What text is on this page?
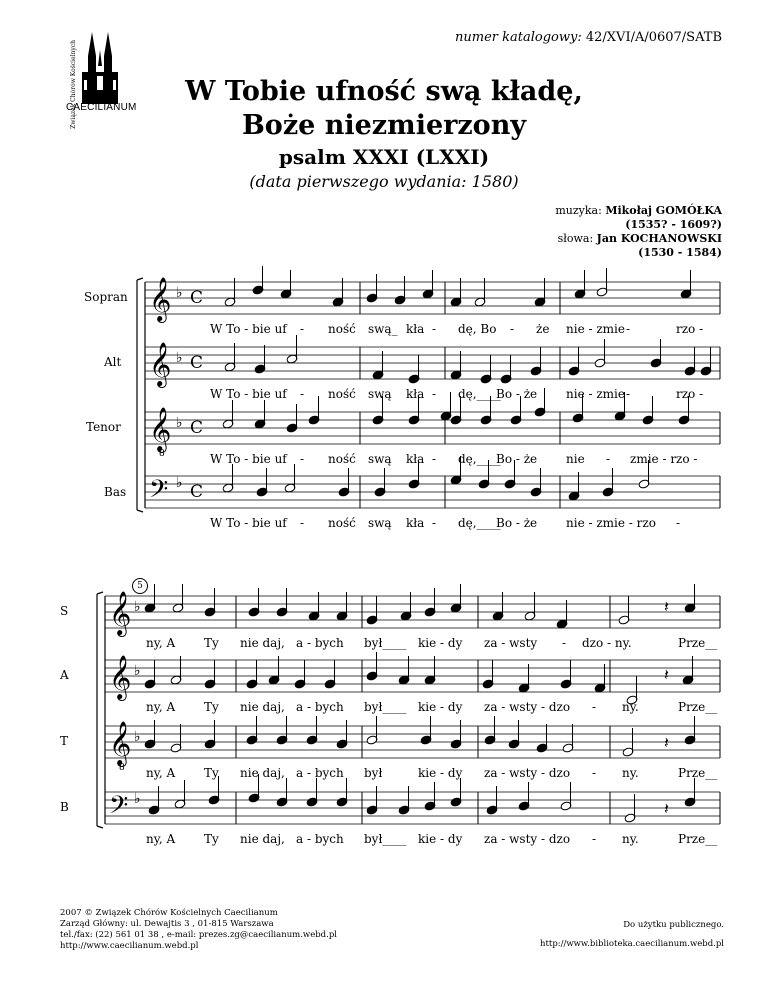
numer katalogowy: 42/XVI/A/0607/SATB
Związek Chórów Kościelnych
CAECILIANUM
W Tobie ufność swą kładę,
Boże niezmierzony
psalm XXXI (LXXI)
(data pierwszego wydania: 1580)
muzyka: Mikołaj GOMÓŁKA
(1535? - 1609?)
słowa: Jan KOCHANOWSKI
(1530 - 1584)
𝄞 ♭ C
𝄞 ♭ C
𝄞
8
♭ C
𝄢 ♭ C
𝄞 ♭
𝄞 ♭
𝄞
8
♭
𝄢 ♭
𝄽
𝄽
𝄽
𝄽
Sopran
Alt
Tenor
Bas
S
A
T
B
5
W To - bie uf - ność swą_ kła - dę, Bo - że nie - zmie -	rzo -
W To - bie uf - ność swą kła - dę,____
Bo - że nie - zmie -	rzo -
W To - bie uf - ność swą kła - dę,____
Bo - że nie - zmie - rzo -
W To - bie uf - ność swą kła - dę,____
Bo - że nie - zmie - rzo -
ny, A Ty nie daj, a - bych był____ kie - dy za - wsty - dzo - ny.	Prze__
ny, A Ty nie daj, a - bych był____ kie - dy za - wsty - dzo - ny.	Prze__
ny, A Ty nie daj, a - bych był	kie - dy za - wsty - dzo - ny.	Prze__
ny, A Ty nie daj, a - bych był____ kie - dy za - wsty - dzo - ny.	Prze__
2007 © Związek Chórów Kościelnych Caecilianum
Zarząd Główny: ul. Dewajtis 3 , 01-815 Warszawa
tel./fax: (22) 561 01 38 , e-mail: prezes.zg@caecilianum.webd.pl
http://www.caecilianum.webd.pl
Do użytku publicznego.
http://www.biblioteka.caecilianum.webd.pl
